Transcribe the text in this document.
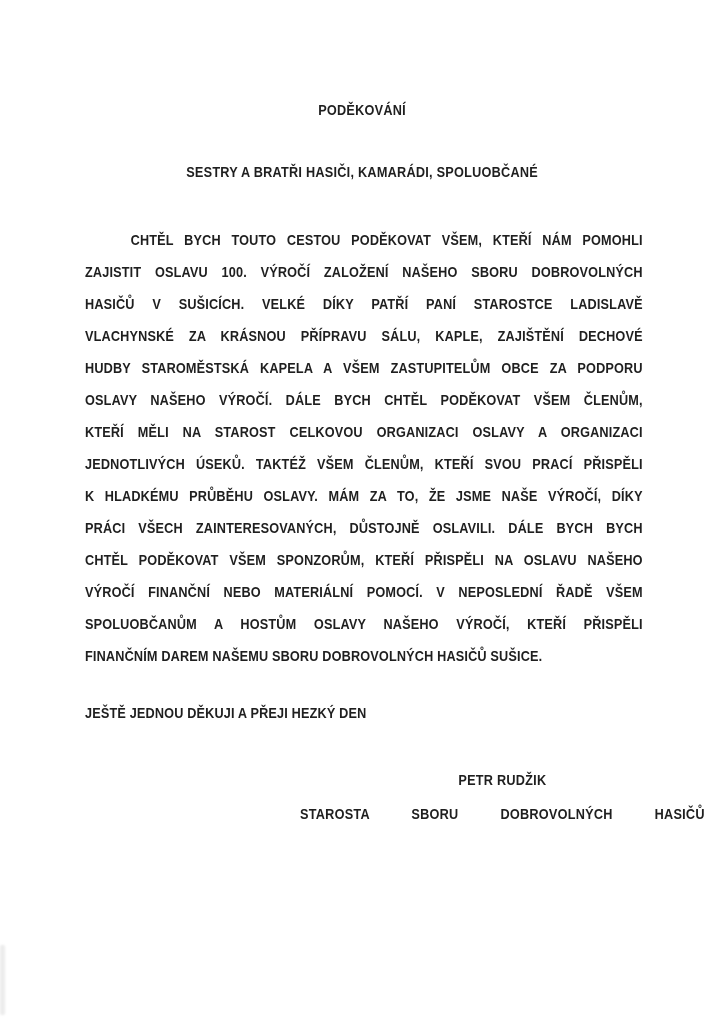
PODĚKOVÁNÍ
SESTRY A BRATŘI HASIČI, KAMARÁDI, SPOLUOBČANÉ
CHTĚL BYCH TOUTO CESTOU PODĚKOVAT VŠEM, KTEŘÍ NÁM POMOHLI
ZAJISTIT OSLAVU 100. VÝROČÍ ZALOŽENÍ NAŠEHO SBORU DOBROVOLNÝCH
HASIČŮ V SUŠICÍCH. VELKÉ DÍKY PATŘÍ PANÍ STAROSTCE LADISLAVĚ
VLACHYNSKÉ ZA KRÁSNOU PŘÍPRAVU SÁLU, KAPLE, ZAJIŠTĚNÍ DECHOVÉ
HUDBY STAROMĚSTSKÁ KAPELA A VŠEM ZASTUPITELŮM OBCE ZA PODPORU
OSLAVY NAŠEHO VÝROČÍ. DÁLE BYCH CHTĚL PODĚKOVAT VŠEM ČLENŮM,
KTEŘÍ MĚLI NA STAROST CELKOVOU ORGANIZACI OSLAVY A ORGANIZACI
JEDNOTLIVÝCH ÚSEKŮ. TAKTÉŽ VŠEM ČLENŮM, KTEŘÍ SVOU PRACÍ PŘISPĚLI
K HLADKÉMU PRŮBĚHU OSLAVY. MÁM ZA TO, ŽE JSME NAŠE VÝROČÍ, DÍKY
PRÁCI VŠECH ZAINTERESOVANÝCH, DŮSTOJNĚ OSLAVILI. DÁLE BYCH BYCH
CHTĚL PODĚKOVAT VŠEM SPONZORŮM, KTEŘÍ PŘISPĚLI NA OSLAVU NAŠEHO
VÝROČÍ FINANČNÍ NEBO MATERIÁLNÍ POMOCÍ. V NEPOSLEDNÍ ŘADĚ VŠEM
SPOLUOBČANŮM A HOSTŮM OSLAVY NAŠEHO VÝROČÍ, KTEŘÍ PŘISPĚLI
FINANČNÍM DAREM NAŠEMU SBORU DOBROVOLNÝCH HASIČŮ SUŠICE.
JEŠTĚ JEDNOU DĚKUJI A PŘEJI HEZKÝ DEN
PETR RUDŽIK
STAROSTA SBORU DOBROVOLNÝCH HASIČŮ
